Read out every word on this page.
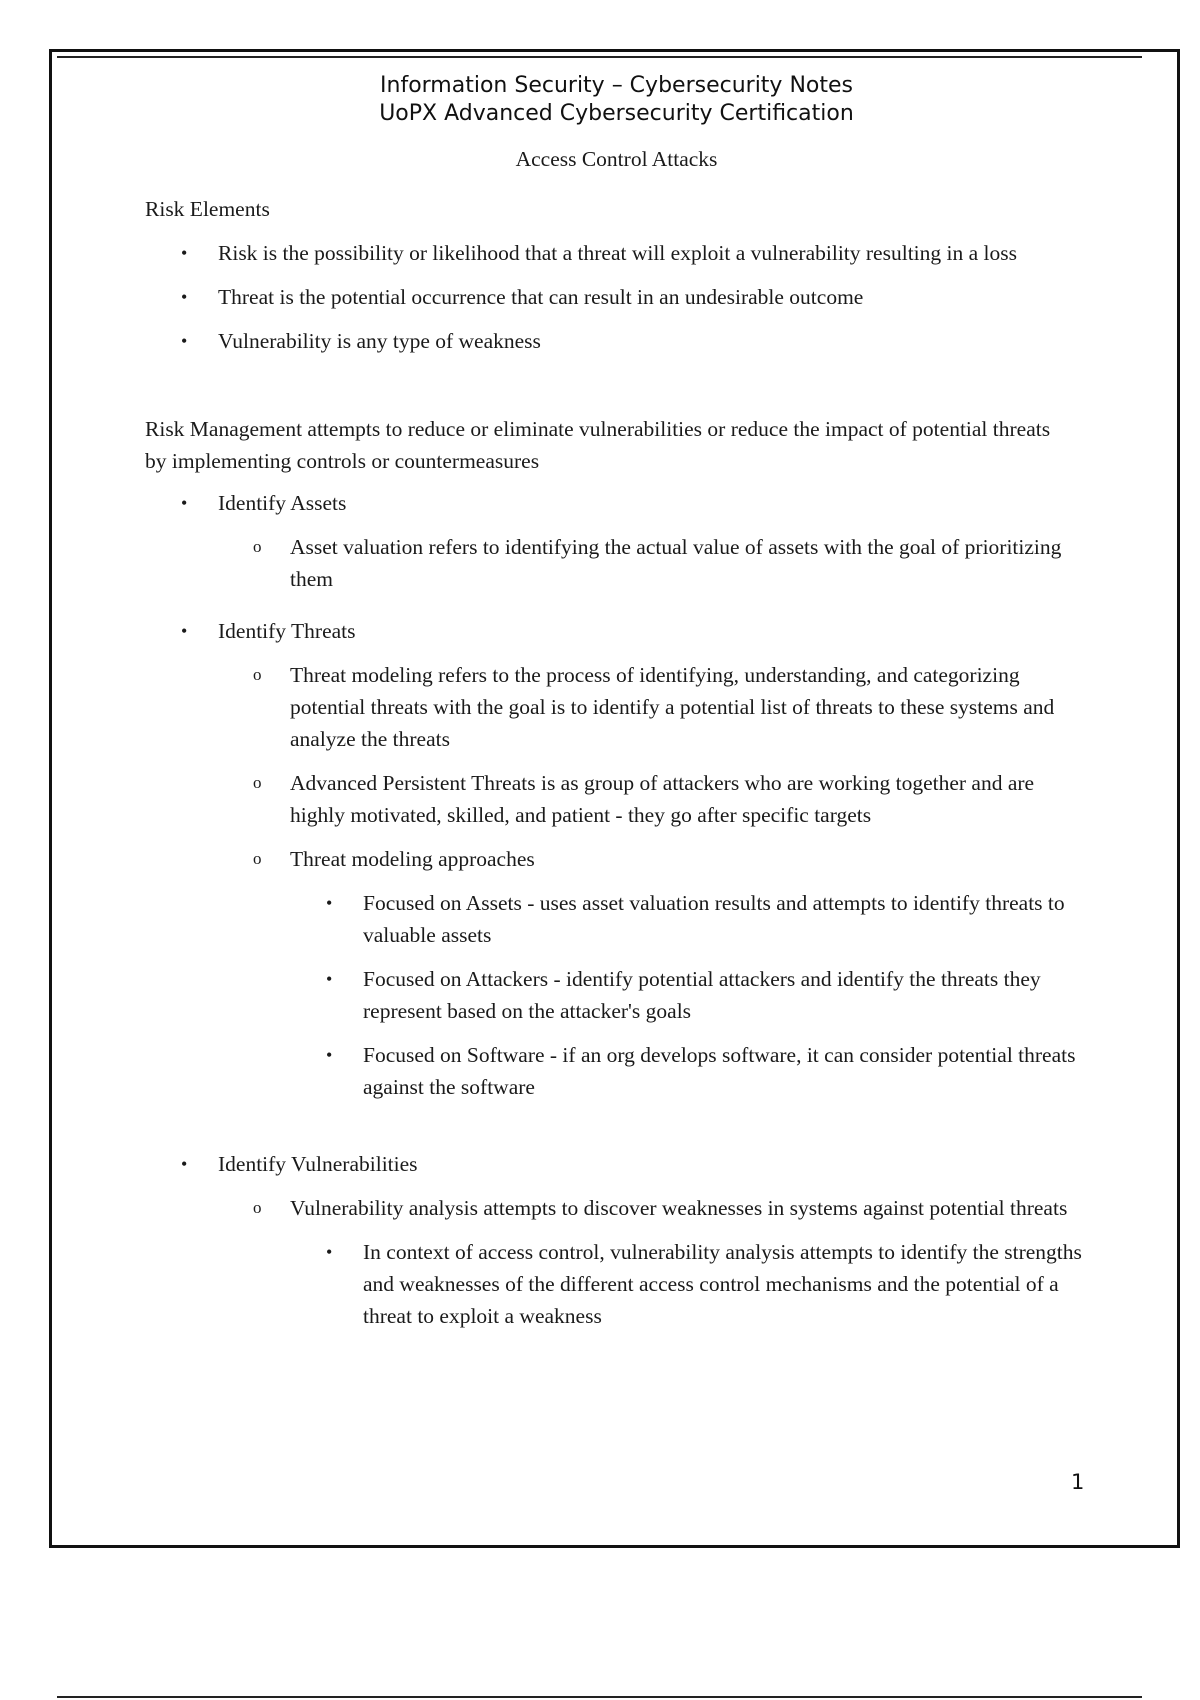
Information Security – Cybersecurity Notes
UoPX Advanced Cybersecurity Certification
Access Control Attacks

Risk Elements

• Risk is the possibility or likelihood that a threat will exploit a vulnerability resulting in a loss

• Threat is the potential occurrence that can result in an undesirable outcome

• Vulnerability is any type of weakness

Risk Management attempts to reduce or eliminate vulnerabilities or reduce the impact of potential threats by implementing controls or countermeasures

• Identify Assets

o Asset valuation refers to identifying the actual value of assets with the goal of prioritizing them

• Identify Threats

o Threat modeling refers to the process of identifying, understanding, and categorizing potential threats with the goal is to identify a potential list of threats to these systems and analyze the threats

o Advanced Persistent Threats is as group of attackers who are working together and are highly motivated, skilled, and patient - they go after specific targets

o Threat modeling approaches

• Focused on Assets - uses asset valuation results and attempts to identify threats to valuable assets

• Focused on Attackers - identify potential attackers and identify the threats they represent based on the attacker's goals

• Focused on Software - if an org develops software, it can consider potential threats against the software

• Identify Vulnerabilities

o Vulnerability analysis attempts to discover weaknesses in systems against potential threats

• In context of access control, vulnerability analysis attempts to identify the strengths and weaknesses of the different access control mechanisms and the potential of a threat to exploit a weakness

1
